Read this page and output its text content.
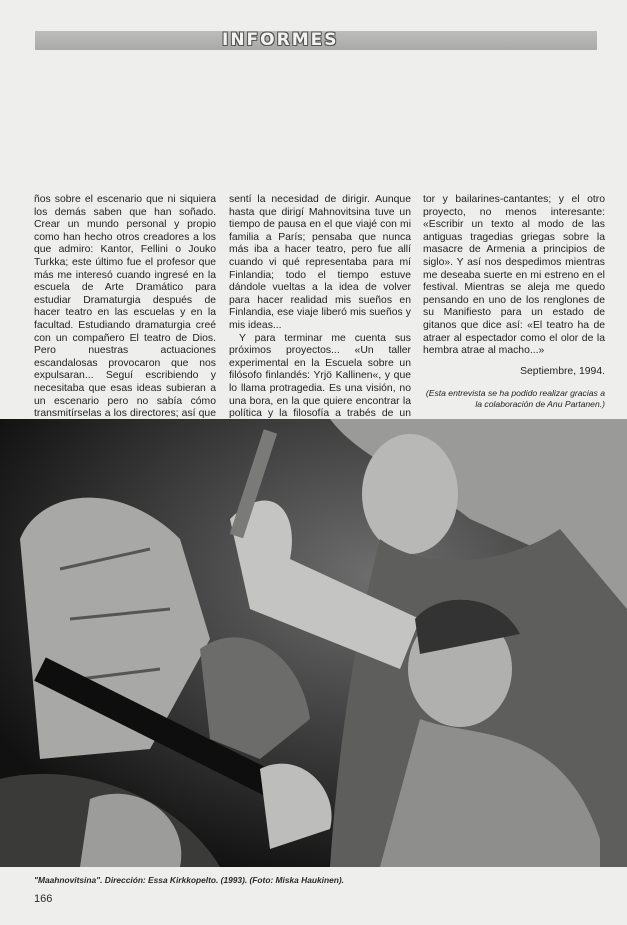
INFORMES

ños sobre el escenario que ni siquiera los demás saben que han soñado. Crear un mundo personal y propio como han hecho otros creadores a los que admiro: Kantor, Fellini o Jouko Turkka; este último fue el profesor que más me interesó cuando ingresé en la escuela de Arte Dramático para estudiar Dramaturgia después de hacer teatro en las escuelas y en la facultad. Estudiando dramaturgia creé con un compañero El teatro de Dios. Pero nuestras actuaciones escandalosas provocaron que nos expulsaran... Seguí escribiendo y necesitaba que esas ideas subieran a un escenario pero no sabía cómo transmitírselas a los directores; así que

sentí la necesidad de dirigir. Aunque hasta que dirigí Mahnovitsina tuve un tiempo de pausa en el que viajé con mi familia a París; pensaba que nunca más iba a hacer teatro, pero fue allí cuando vi qué representaba para mí Finlandia; todo el tiempo estuve dándole vueltas a la idea de volver para hacer realidad mis sueños en Finlandia, ese viaje liberó mis sueños y mis ideas...

Y para terminar me cuenta sus próximos proyectos... «Un taller experimental en la Escuela sobre un filósofo finlandés: Yrjö Kallinen«, y que lo llama protragedia. Es una visión, no una bora, en la que quiere encontrar la política y la filosofía a trabés de un

tor y bailarines-cantantes; y el otro proyecto, no menos interesante: «Escribir un texto al modo de las antiguas tragedias griegas sobre la masacre de Armenia a principios de siglo». Y así nos despedimos mientras me deseaba suerte en mi estreno en el festival. Mientras se aleja me quedo pensando en uno de los renglones de su Manifiesto para un estado de gitanos que dice así: «El teatro ha de atraer al espectador como el olor de la hembra atrae al macho...»

Septiembre, 1994.

(Esta entrevista se ha podido realizar gracias a la colaboración de Anu Partanen.)

"Maahnovitsina". Dirección: Essa Kirkkopelto. (1993). (Foto: Miska Haukinen).
166
